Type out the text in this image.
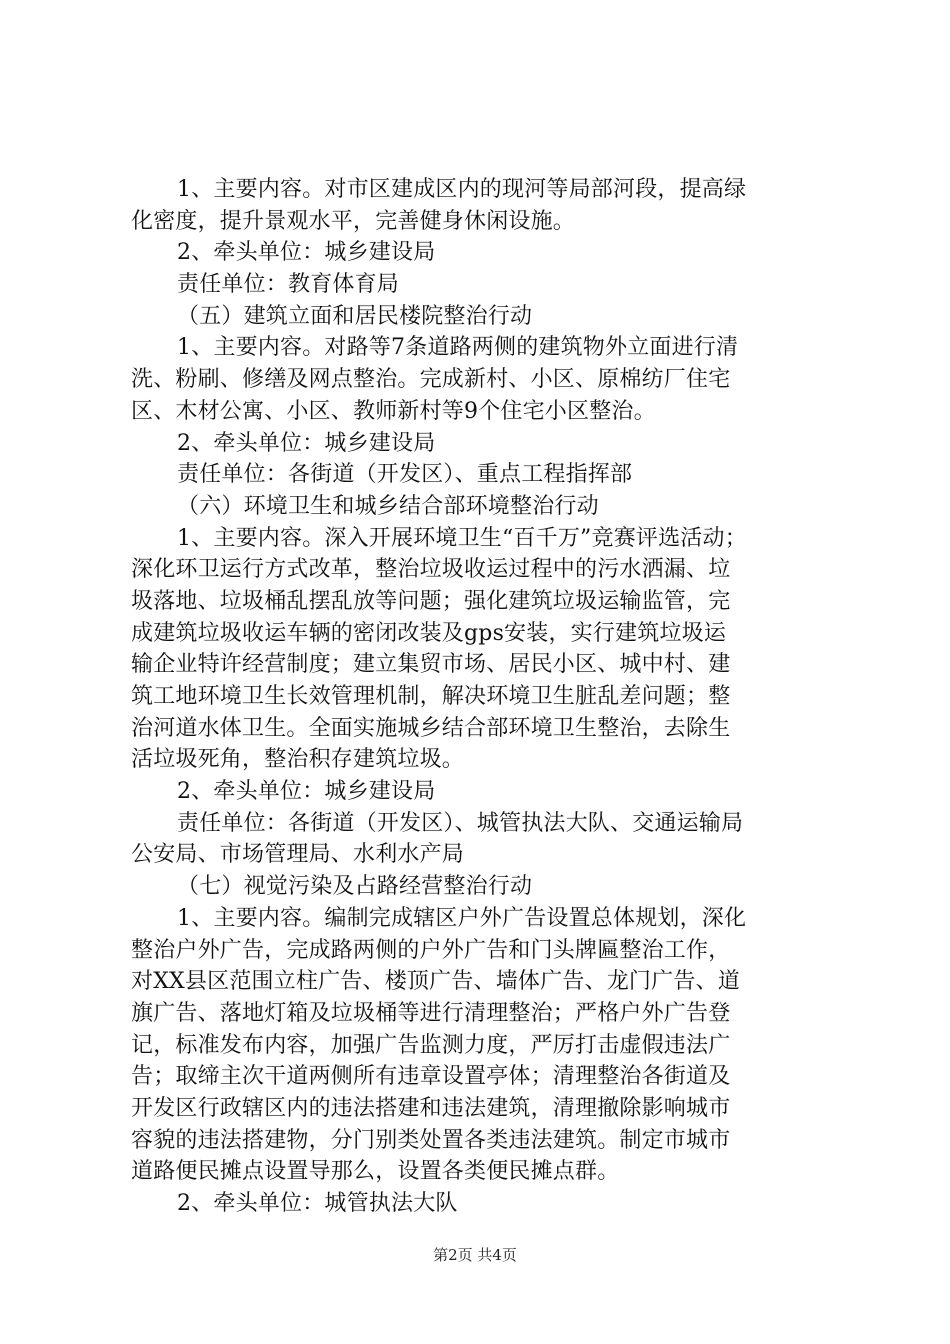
1、主要内容。对市区建成区内的现河等局部河段，提高绿
化密度，提升景观水平，完善健身休闲设施。
2、牵头单位：城乡建设局
责任单位：教育体育局
（五）建筑立面和居民楼院整治行动
1、主要内容。对路等7条道路两侧的建筑物外立面进行清
洗、粉刷、修缮及网点整治。完成新村、小区、原棉纺厂住宅
区、木材公寓、小区、教师新村等9个住宅小区整治。
2、牵头单位：城乡建设局
责任单位：各街道（开发区）、重点工程指挥部
（六）环境卫生和城乡结合部环境整治行动
1、主要内容。深入开展环境卫生“百千万”竞赛评选活动；
深化环卫运行方式改革，整治垃圾收运过程中的污水洒漏、垃
圾落地、垃圾桶乱摆乱放等问题；强化建筑垃圾运输监管，完
成建筑垃圾收运车辆的密闭改装及gps安装，实行建筑垃圾运
输企业特许经营制度；建立集贸市场、居民小区、城中村、建
筑工地环境卫生长效管理机制，解决环境卫生脏乱差问题；整
治河道水体卫生。全面实施城乡结合部环境卫生整治，去除生
活垃圾死角，整治积存建筑垃圾。
2、牵头单位：城乡建设局
责任单位：各街道（开发区）、城管执法大队、交通运输局
公安局、市场管理局、水利水产局
（七）视觉污染及占路经营整治行动
1、主要内容。编制完成辖区户外广告设置总体规划，深化
整治户外广告，完成路两侧的户外广告和门头牌匾整治工作，
对XX县区范围立柱广告、楼顶广告、墙体广告、龙门广告、道
旗广告、落地灯箱及垃圾桶等进行清理整治；严格户外广告登
记，标准发布内容，加强广告监测力度，严厉打击虚假违法广
告；取缔主次干道两侧所有违章设置亭体；清理整治各街道及
开发区行政辖区内的违法搭建和违法建筑，清理撤除影响城市
容貌的违法搭建物，分门别类处置各类违法建筑。制定市城市
道路便民摊点设置导那么，设置各类便民摊点群。
2、牵头单位：城管执法大队
第2页 共4页
